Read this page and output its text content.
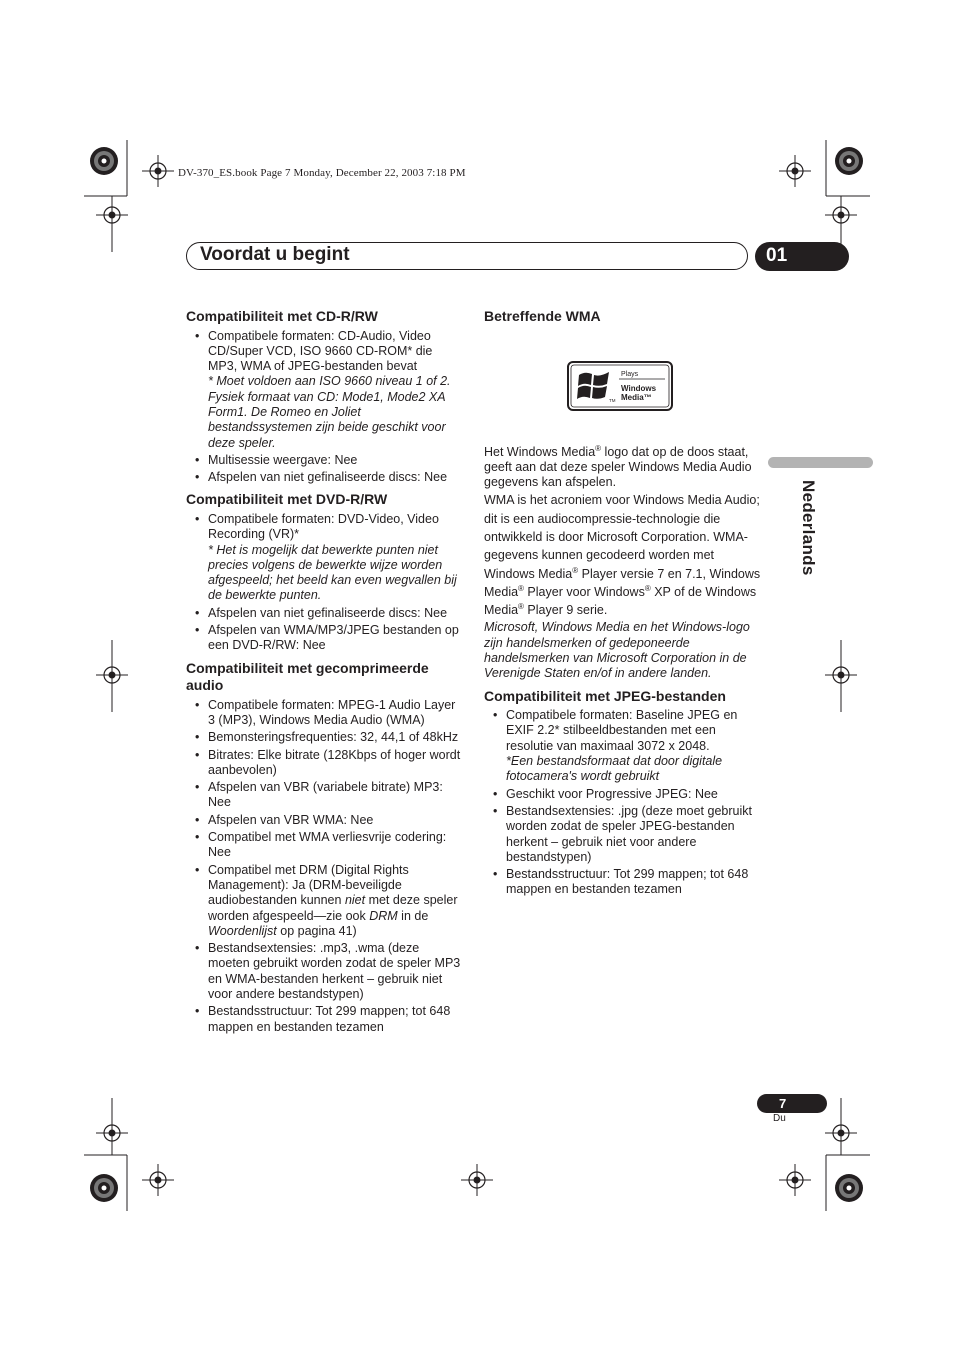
DV-370_ES.book Page 7 Monday, December 22, 2003 7:18 PM
Voordat u begint	01
Nederlands
Compatibiliteit met CD-R/RW
• Compatibele formaten: CD-Audio, Video CD/Super VCD, ISO 9660 CD-ROM* die MP3, WMA of JPEG-bestanden bevat
* Moet voldoen aan ISO 9660 niveau 1 of 2. Fysiek formaat van CD: Mode1, Mode2 XA Form1. De Romeo en Joliet bestandssystemen zijn beide geschikt voor deze speler.
• Multisessie weergave: Nee
• Afspelen van niet gefinaliseerde discs: Nee
Compatibiliteit met DVD-R/RW
• Compatibele formaten: DVD-Video, Video Recording (VR)*
* Het is mogelijk dat bewerkte punten niet precies volgens de bewerkte wijze worden afgespeeld; het beeld kan even wegvallen bij de bewerkte punten.
• Afspelen van niet gefinaliseerde discs: Nee
• Afspelen van WMA/MP3/JPEG bestanden op een DVD-R/RW: Nee
Compatibiliteit met gecomprimeerde audio
• Compatibele formaten: MPEG-1 Audio Layer 3 (MP3), Windows Media Audio (WMA)
• Bemonsteringsfrequenties: 32, 44,1 of 48kHz
• Bitrates: Elke bitrate (128Kbps of hoger wordt aanbevolen)
• Afspelen van VBR (variabele bitrate) MP3: Nee
• Afspelen van VBR WMA: Nee
• Compatibel met WMA verliesvrije codering: Nee
• Compatibel met DRM (Digital Rights Management): Ja (DRM-beveiligde audiobestanden kunnen niet met deze speler worden afgespeeld—zie ook DRM in de Woordenlijst op pagina 41)
• Bestandsextensies: .mp3, .wma (deze moeten gebruikt worden zodat de speler MP3 en WMA-bestanden herkent – gebruik niet voor andere bestandstypen)
• Bestandsstructuur: Tot 299 mappen; tot 648 mappen en bestanden tezamen
Betreffende WMA

Het Windows Media® logo dat op de doos staat, geeft aan dat deze speler Windows Media Audio gegevens kan afspelen.

WMA is het acroniem voor Windows Media Audio; dit is een audiocompressie-technologie die ontwikkeld is door Microsoft Corporation. WMA-gegevens kunnen gecodeerd worden met Windows Media® Player versie 7 en 7.1, Windows Media® Player voor Windows® XP of de Windows Media® Player 9 serie.

Microsoft, Windows Media en het Windows-logo zijn handelsmerken of gedeponeerde handelsmerken van Microsoft Corporation in de Verenigde Staten en/of in andere landen.

Compatibiliteit met JPEG-bestanden
• Compatibele formaten: Baseline JPEG en EXIF 2.2* stilbeeldbestanden met een resolutie van maximaal 3072 x 2048.
*Een bestandsformaat dat door digitale fotocamera's wordt gebruikt
• Geschikt voor Progressive JPEG: Nee
• Bestandsextensies: .jpg (deze moet gebruikt worden zodat de speler JPEG-bestanden herkent – gebruik niet voor andere bestandstypen)
• Bestandsstructuur: Tot 299 mappen; tot 648 mappen en bestanden tezamen
TM
Plays
Windows
Media™
7
Du
